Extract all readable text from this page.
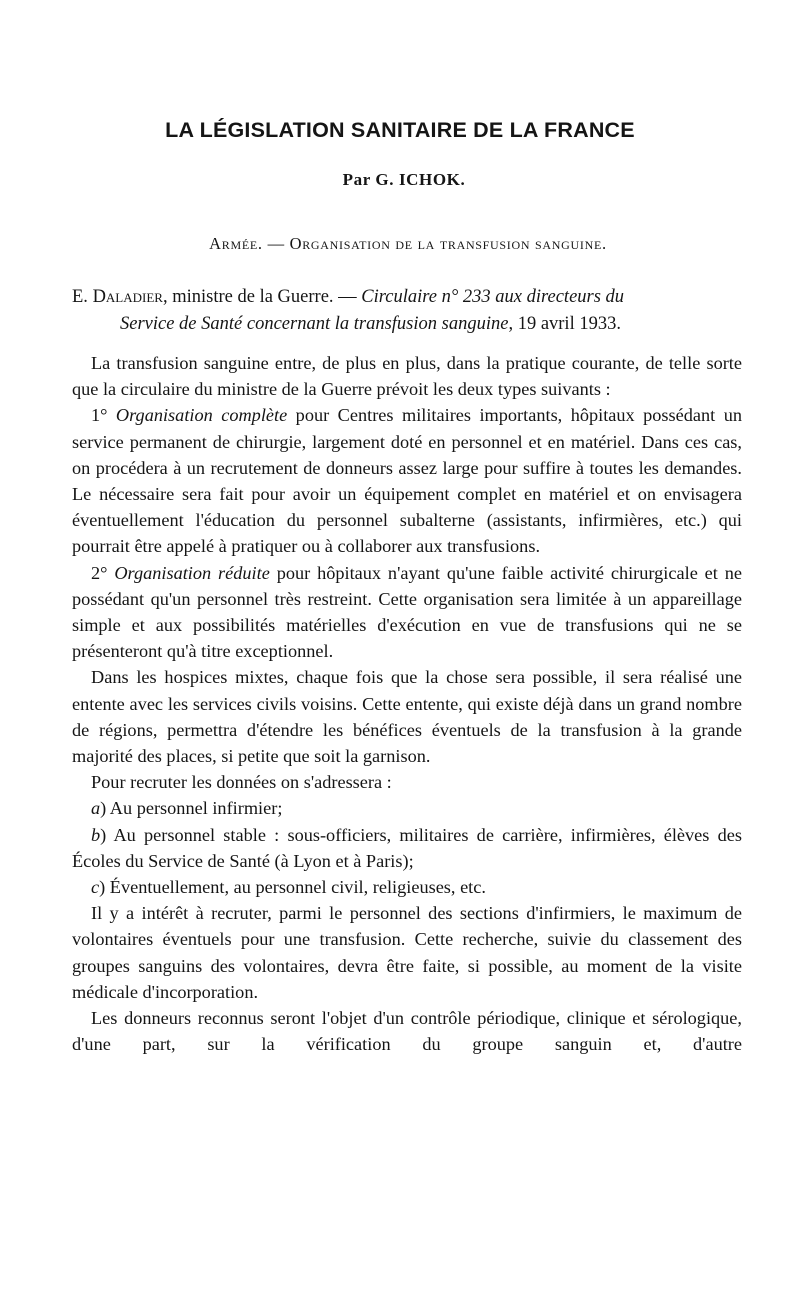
LA LÉGISLATION SANITAIRE DE LA FRANCE
Par G. ICHOK.
Armée. — Organisation de la transfusion sanguine.
E. Daladier, ministre de la Guerre. — Circulaire n° 233 aux directeurs du
Service de Santé concernant la transfusion sanguine, 19 avril 1933.

La transfusion sanguine entre, de plus en plus, dans la pratique courante, de telle sorte que la circulaire du ministre de la Guerre prévoit les deux types suivants :

1° Organisation complète pour Centres militaires importants, hôpitaux possédant un service permanent de chirurgie, largement doté en personnel et en matériel. Dans ces cas, on procédera à un recrutement de donneurs assez large pour suffire à toutes les demandes. Le nécessaire sera fait pour avoir un équipement complet en matériel et on envisagera éventuellement l'éducation du personnel subalterne (assistants, infirmières, etc.) qui pourrait être appelé à pratiquer ou à collaborer aux transfusions.

2° Organisation réduite pour hôpitaux n'ayant qu'une faible activité chirurgicale et ne possédant qu'un personnel très restreint. Cette organisation sera limitée à un appareillage simple et aux possibilités matérielles d'exécution en vue de transfusions qui ne se présenteront qu'à titre exceptionnel.

Dans les hospices mixtes, chaque fois que la chose sera possible, il sera réalisé une entente avec les services civils voisins. Cette entente, qui existe déjà dans un grand nombre de régions, permettra d'étendre les bénéfices éventuels de la transfusion à la grande majorité des places, si petite que soit la garnison.

Pour recruter les données on s'adressera :

a) Au personnel infirmier;

b) Au personnel stable : sous-officiers, militaires de carrière, infirmières, élèves des Écoles du Service de Santé (à Lyon et à Paris);

c) Éventuellement, au personnel civil, religieuses, etc.

Il y a intérêt à recruter, parmi le personnel des sections d'infirmiers, le maximum de volontaires éventuels pour une transfusion. Cette recherche, suivie du classement des groupes sanguins des volontaires, devra être faite, si possible, au moment de la visite médicale d'incorporation.

Les donneurs reconnus seront l'objet d'un contrôle périodique, clinique et sérologique, d'une part, sur la vérification du groupe sanguin et, d'autre
